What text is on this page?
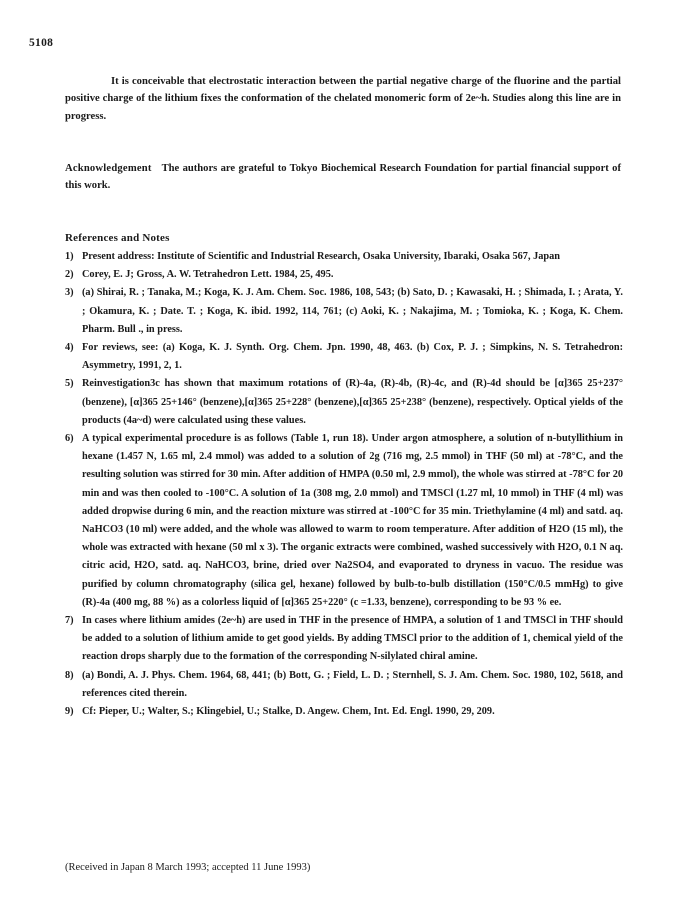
5108

It is conceivable that electrostatic interaction between the partial negative charge of the fluorine and the partial positive charge of the lithium fixes the conformation of the chelated monomeric form of 2e~h. Studies along this line are in progress.

Acknowledgement The authors are grateful to Tokyo Biochemical Research Foundation for partial financial support of this work.

References and Notes
1) Present address: Institute of Scientific and Industrial Research, Osaka University, Ibaraki, Osaka 567, Japan
2) Corey, E. J; Gross, A. W. Tetrahedron Lett. 1984, 25, 495.
3) (a) Shirai, R. ; Tanaka, M.; Koga, K. J. Am. Chem. Soc. 1986, 108, 543; (b) Sato, D. ; Kawasaki, H. ; Shimada, I. ; Arata, Y. ; Okamura, K. ; Date. T. ; Koga, K. ibid. 1992, 114, 761; (c) Aoki, K. ; Nakajima, M. ; Tomioka, K. ; Koga, K. Chem. Pharm. Bull ., in press.
4) For reviews, see: (a) Koga, K. J. Synth. Org. Chem. Jpn. 1990, 48, 463. (b) Cox, P. J. ; Simpkins, N. S. Tetrahedron: Asymmetry, 1991, 2, 1.
5) Reinvestigation3c has shown that maximum rotations of (R)-4a, (R)-4b, (R)-4c, and (R)-4d should be [α]365 25+237° (benzene), [α]365 25+146° (benzene),[α]365 25+228° (benzene),[α]365 25+238° (benzene), respectively. Optical yields of the products (4a~d) were calculated using these values.
6) A typical experimental procedure is as follows (Table 1, run 18). Under argon atmosphere, a solution of n-butyllithium in hexane (1.457 N, 1.65 ml, 2.4 mmol) was added to a solution of 2g (716 mg, 2.5 mmol) in THF (50 ml) at -78°C, and the resulting solution was stirred for 30 min. After addition of HMPA (0.50 ml, 2.9 mmol), the whole was stirred at -78°C for 20 min and was then cooled to -100°C. A solution of 1a (308 mg, 2.0 mmol) and TMSCl (1.27 ml, 10 mmol) in THF (4 ml) was added dropwise during 6 min, and the reaction mixture was stirred at -100°C for 35 min. Triethylamine (4 ml) and satd. aq. NaHCO3 (10 ml) were added, and the whole was allowed to warm to room temperature. After addition of H2O (15 ml), the whole was extracted with hexane (50 ml x 3). The organic extracts were combined, washed successively with H2O, 0.1 N aq. citric acid, H2O, satd. aq. NaHCO3, brine, dried over Na2SO4, and evaporated to dryness in vacuo. The residue was purified by column chromatography (silica gel, hexane) followed by bulb-to-bulb distillation (150°C/0.5 mmHg) to give (R)-4a (400 mg, 88 %) as a colorless liquid of [α]365 25+220° (c =1.33, benzene), corresponding to be 93 % ee.
7) In cases where lithium amides (2e~h) are used in THF in the presence of HMPA, a solution of 1 and TMSCl in THF should be added to a solution of lithium amide to get good yields. By adding TMSCl prior to the addition of 1, chemical yield of the reaction drops sharply due to the formation of the corresponding N-silylated chiral amine.
8) (a) Bondi, A. J. Phys. Chem. 1964, 68, 441; (b) Bott, G. ; Field, L. D. ; Sternhell, S. J. Am. Chem. Soc. 1980, 102, 5618, and references cited therein.
9) Cf: Pieper, U.; Walter, S.; Klingebiel, U.; Stalke, D. Angew. Chem, Int. Ed. Engl. 1990, 29, 209.

(Received in Japan 8 March 1993; accepted 11 June 1993)
